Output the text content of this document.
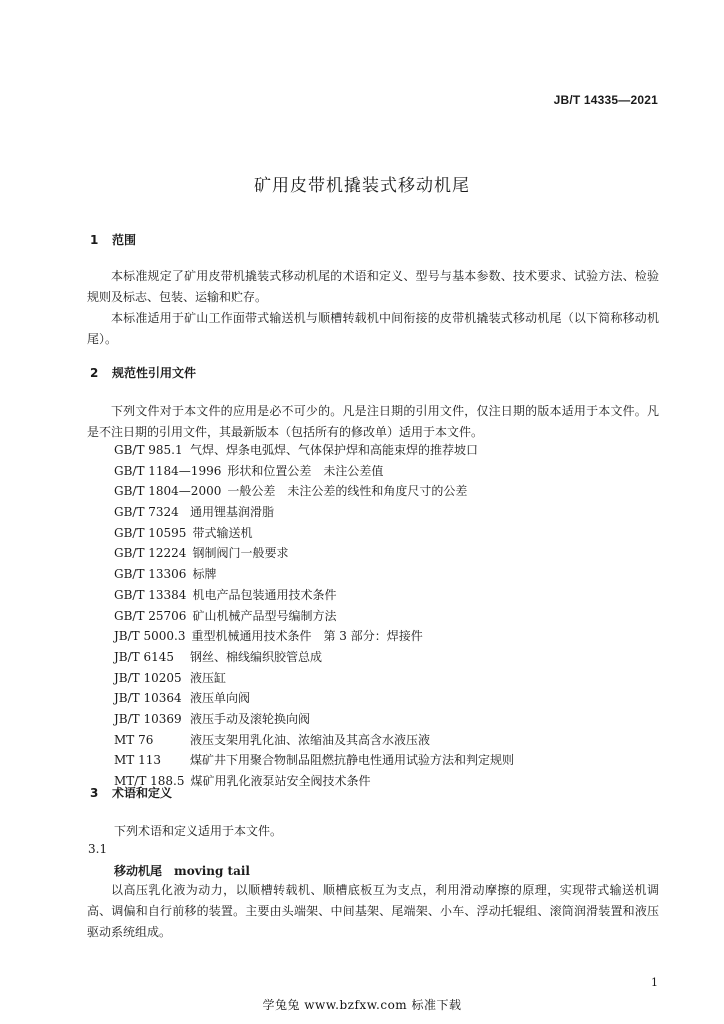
JB/T 14335—2021
矿用皮带机撬装式移动机尾
1 范围
本标准规定了矿用皮带机撬装式移动机尾的术语和定义、型号与基本参数、技术要求、试验方法、检验规则及标志、包装、运输和贮存。
本标准适用于矿山工作面带式输送机与顺槽转载机中间衔接的皮带机撬装式移动机尾（以下简称移动机尾）。
2 规范性引用文件
下列文件对于本文件的应用是必不可少的。凡是注日期的引用文件，仅注日期的版本适用于本文件。凡是不注日期的引用文件，其最新版本（包括所有的修改单）适用于本文件。
GB/T 985.1 气焊、焊条电弧焊、气体保护焊和高能束焊的推荐坡口
GB/T 1184—1996 形状和位置公差　未注公差值
GB/T 1804—2000 一般公差　未注公差的线性和角度尺寸的公差
GB/T 7324 通用锂基润滑脂
GB/T 10595 带式输送机
GB/T 12224 钢制阀门一般要求
GB/T 13306 标牌
GB/T 13384 机电产品包装通用技术条件
GB/T 25706 矿山机械产品型号编制方法
JB/T 5000.3 重型机械通用技术条件　第 3 部分：焊接件
JB/T 6145 钢丝、棉线编织胶管总成
JB/T 10205 液压缸
JB/T 10364 液压单向阀
JB/T 10369 液压手动及滚轮换向阀
MT 76	液压支架用乳化油、浓缩油及其高含水液压液
MT 113 煤矿井下用聚合物制品阻燃抗静电性通用试验方法和判定规则
MT/T 188.5 煤矿用乳化液泵站安全阀技术条件
3 术语和定义
下列术语和定义适用于本文件。
3.1
移动机尾 moving tail
以高压乳化液为动力，以顺槽转载机、顺槽底板互为支点，利用滑动摩擦的原理，实现带式输送机调高、调偏和自行前移的装置。主要由头端架、中间基架、尾端架、小车、浮动托辊组、滚筒润滑装置和液压驱动系统组成。
1
学兔兔 www.bzfxw.com 标准下载
